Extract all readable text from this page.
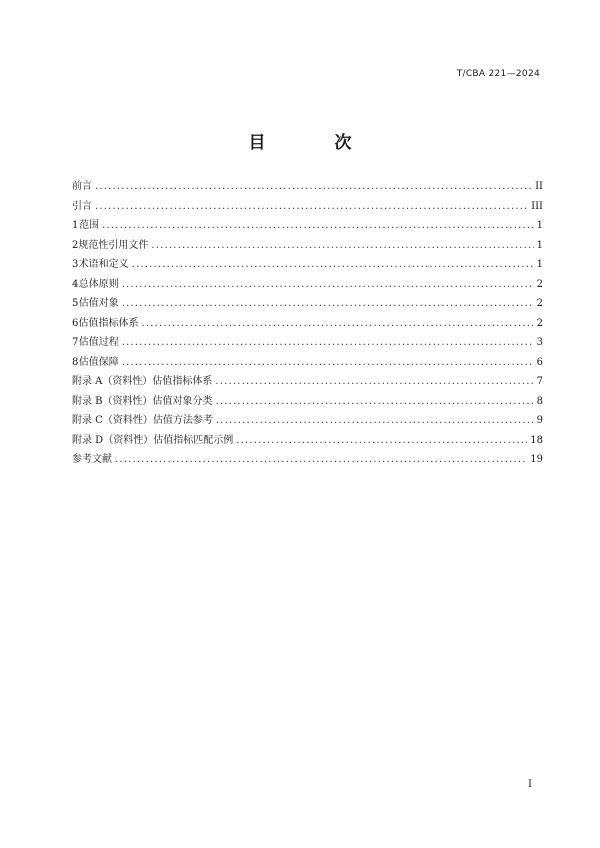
T/CBA 221—2024
目　次
前言 .....	II
引言 .....	III
1 范围 .....	1
2 规范性引用文件 .....	1
3 术语和定义 .....	1
4 总体原则 .....	2
5 估值对象 .....	2
6 估值指标体系 .....	2
7 估值过程 .....	3
8 估值保障 .....	6
附录 A（资料性）估值指标体系 .....	7
附录 B（资料性）估值对象分类 .....	8
附录 C（资料性）估值方法参考 .....	9
附录 D（资料性）估值指标匹配示例 .....	18
参考文献 .....	19
I
